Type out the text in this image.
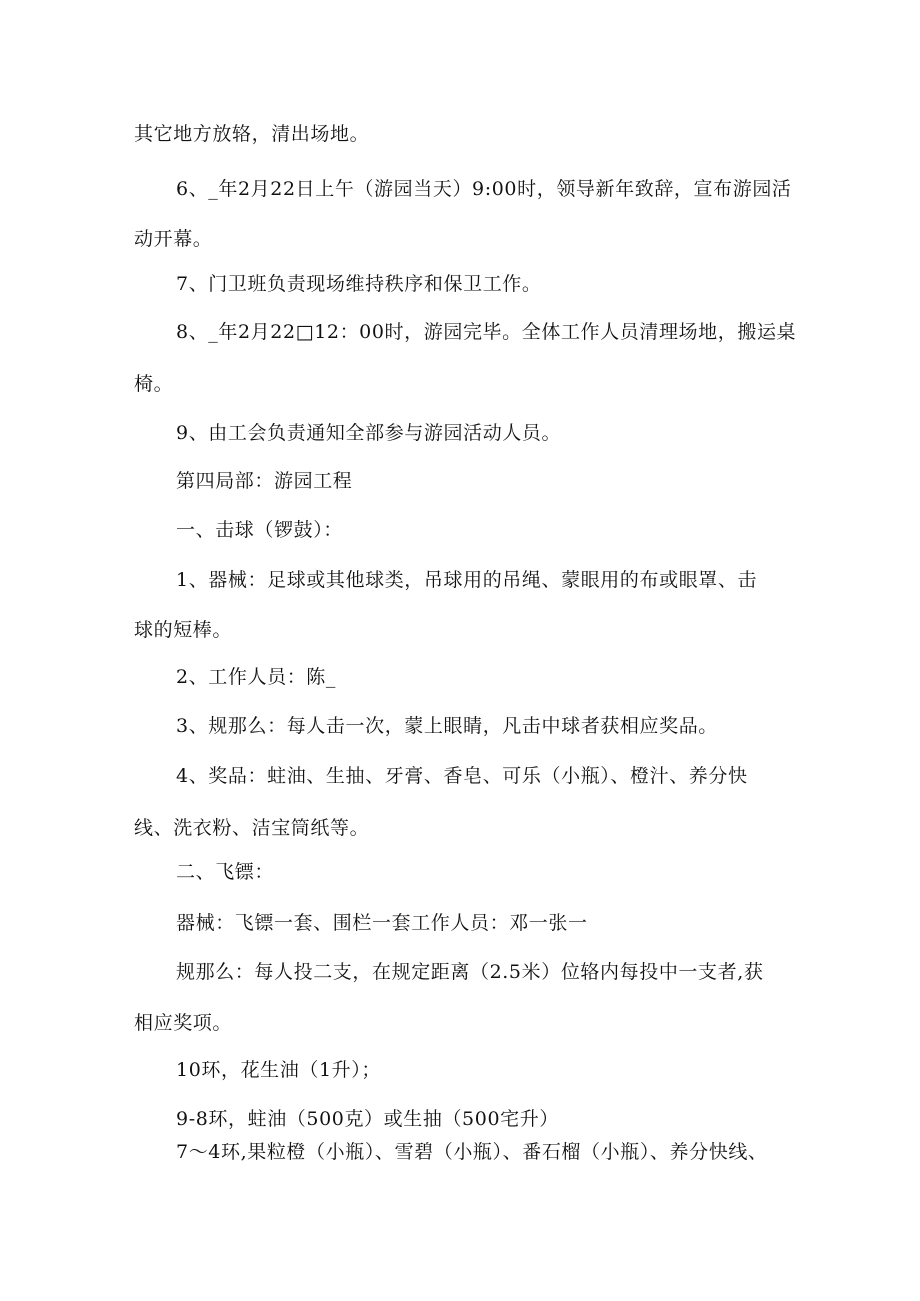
其它地方放辂，清出场地。
6、_年2月22日上午（游园当天）9:00时，领导新年致辞，宣布游园活
动开幕。
7、门卫班负责现场维持秩序和保卫工作。
8、_年2月22□12：00时，游园完毕。全体工作人员清理场地，搬运桌
椅。
9、由工会负责通知全部参与游园活动人员。
第四局部：游园工程
一、击球（锣鼓）：
1、器械：足球或其他球类，吊球用的吊绳、蒙眼用的布或眼罩、击
球的短棒。
2、工作人员：陈_
3、规那么：每人击一次，蒙上眼睛，凡击中球者获相应奖品。
4、奖品：蛀油、生抽、牙膏、香皂、可乐（小瓶）、橙汁、养分快
线、洗衣粉、洁宝筒纸等。
二、飞镖：
器械：飞镖一套、围栏一套工作人员：邓一张一
规那么：每人投二支，在规定距离（2.5米）位辂内每投中一支者,获
相应奖项。
10环，花生油（1升）；
9-8环，蛀油（500克）或生抽（500宅升）
7～4环,果粒橙（小瓶）、雪碧（小瓶）、番石榴（小瓶）、养分快线、
